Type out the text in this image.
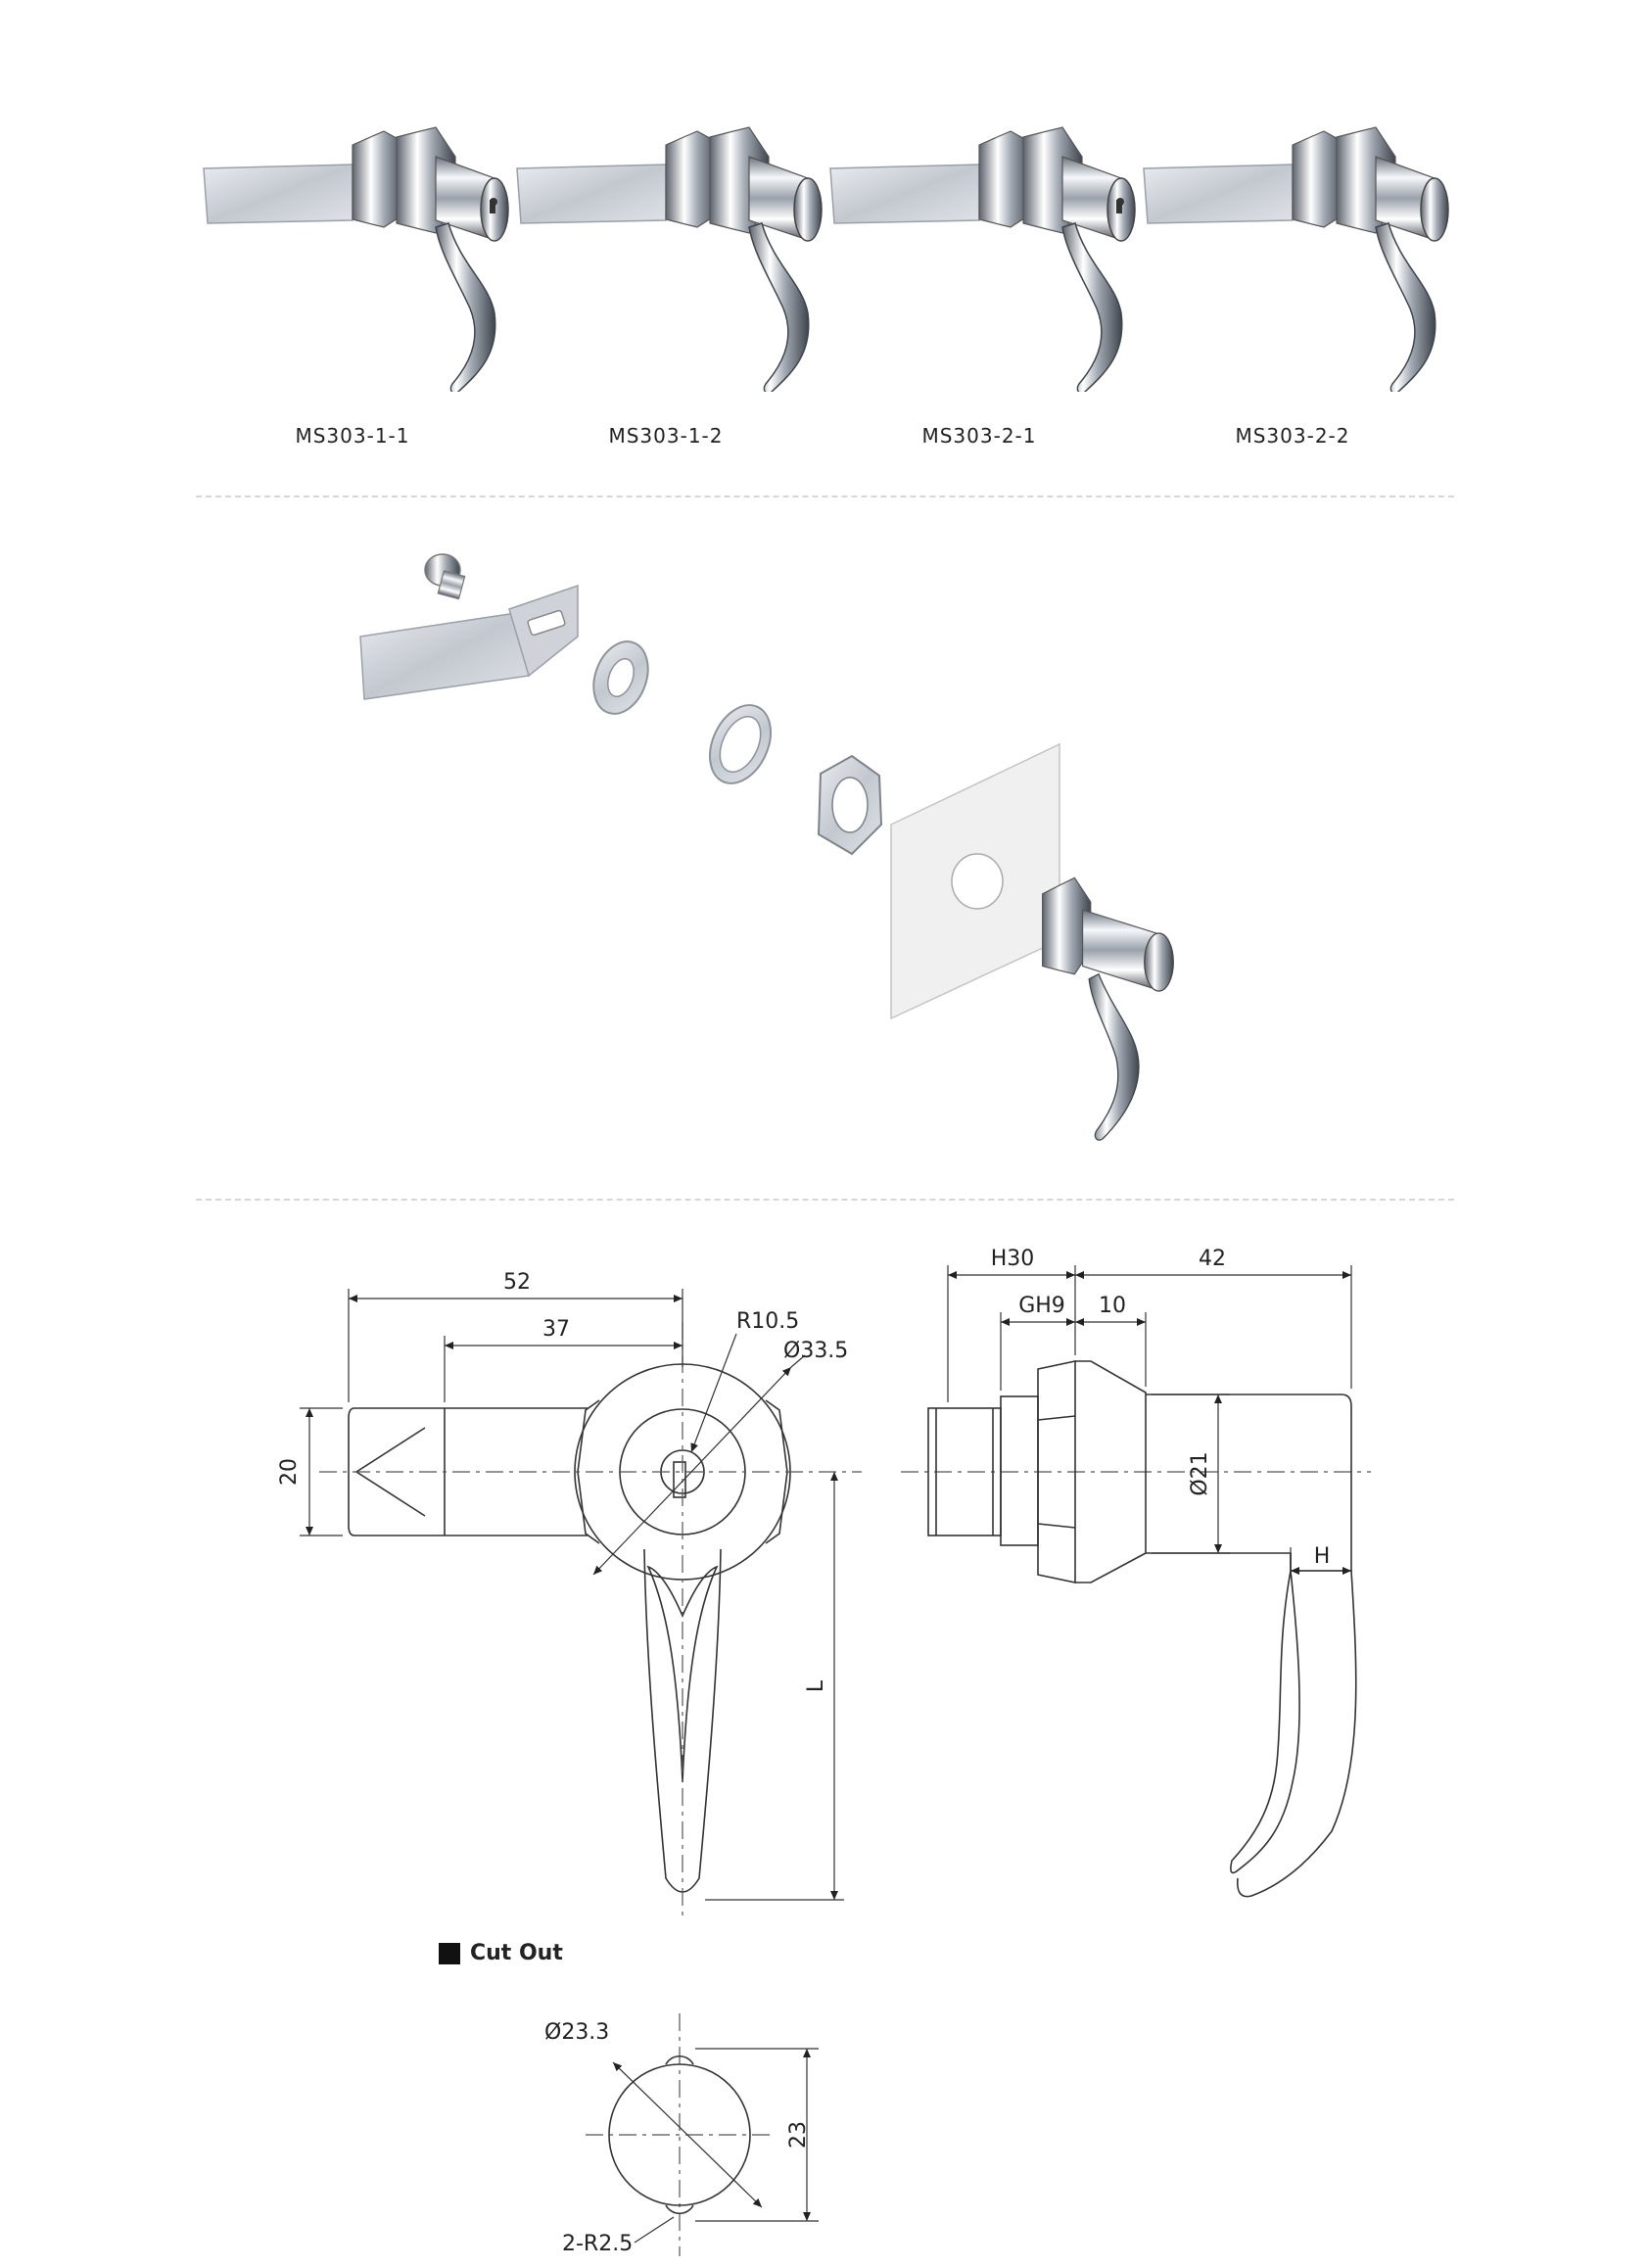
MS303-1-1	MS303-1-2	MS303-2-1	MS303-2-2
52
37
20
R10.5
Ø33.5
L
H30	42
GH9 10
Ø21
H
Ø23.3
23
2-R2.5
Cut Out
